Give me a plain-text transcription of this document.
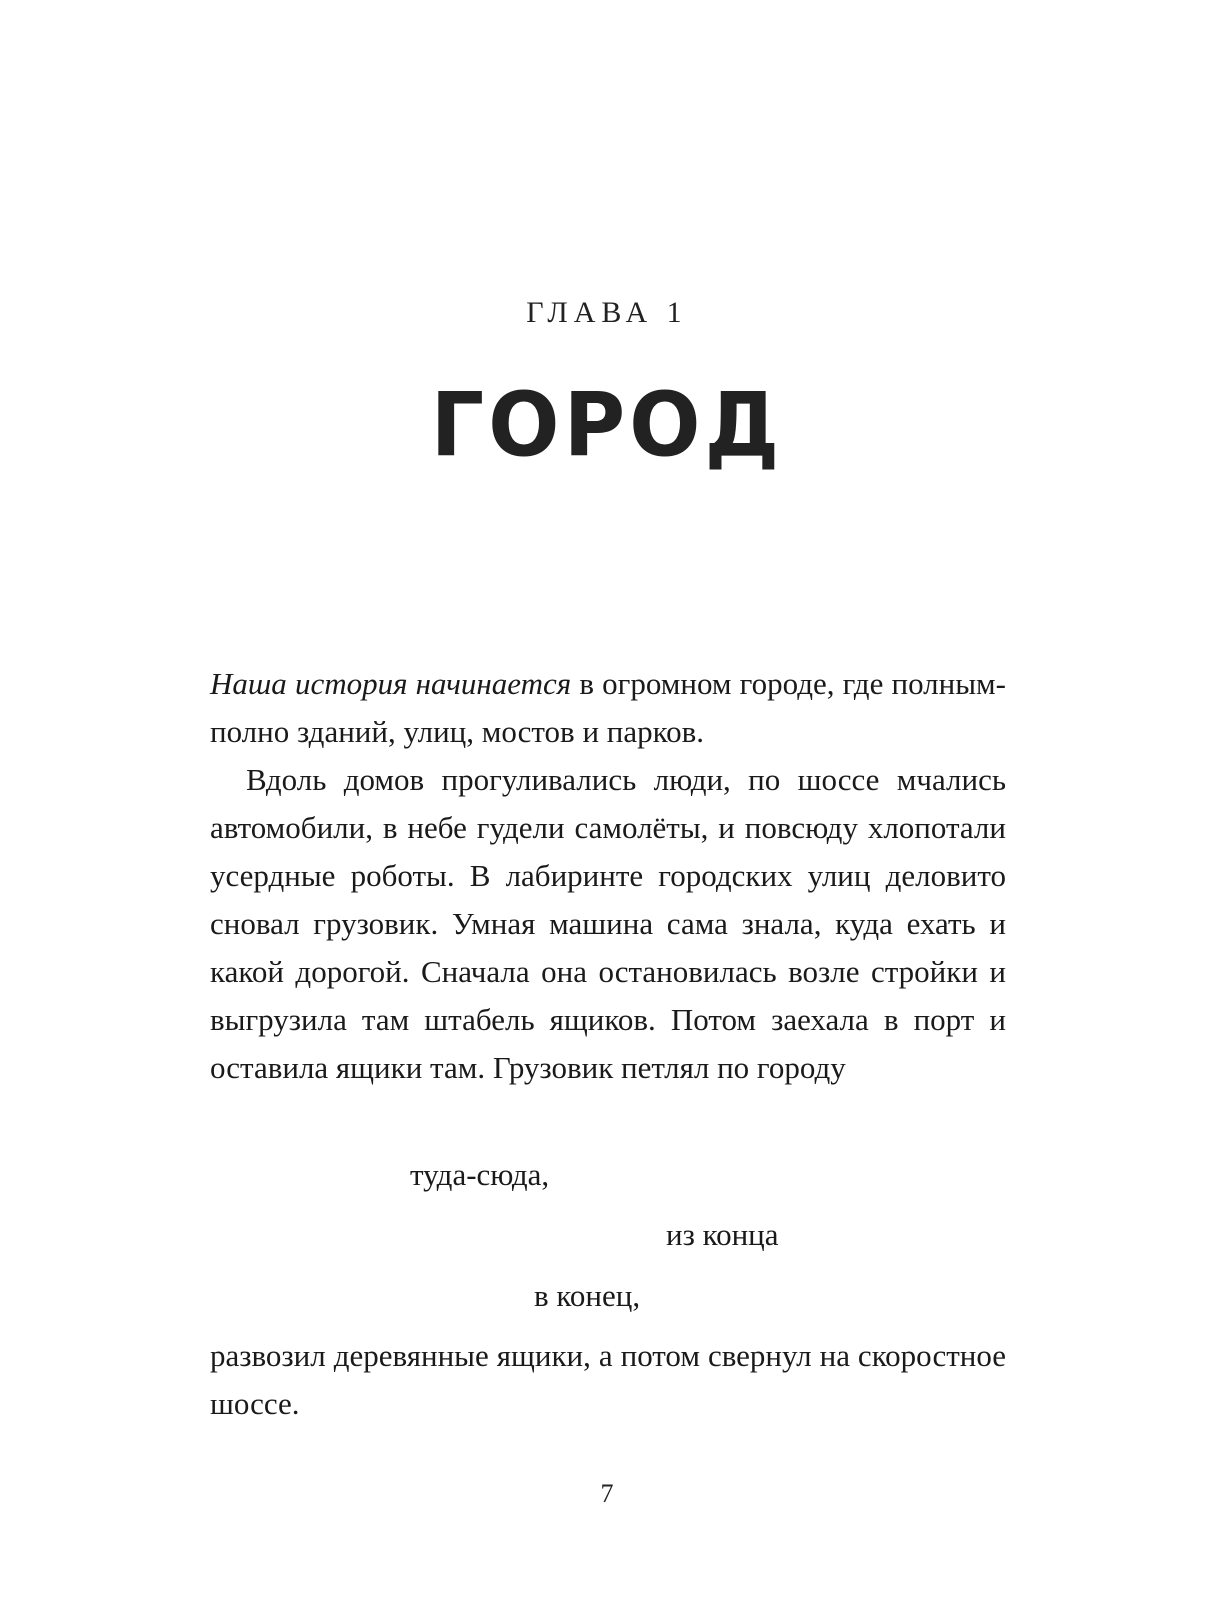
ГЛАВА 1
ГОРОД
Наша история начинается в огромном городе, где полным-полно зданий, улиц, мостов и парков.
Вдоль домов прогуливались люди, по шоссе мчались автомобили, в небе гудели самолёты, и повсюду хлопотали усердные роботы. В лабиринте городских улиц деловито сновал грузовик. Умная машина сама знала, куда ехать и какой дорогой. Сначала она остановилась возле стройки и выгрузила там штабель ящиков. Потом заехала в порт и оставила ящики там. Грузовик петлял по городу
туда-сюда,
из конца
в конец,
развозил деревянные ящики, а потом свернул на скоростное шоссе.
7
